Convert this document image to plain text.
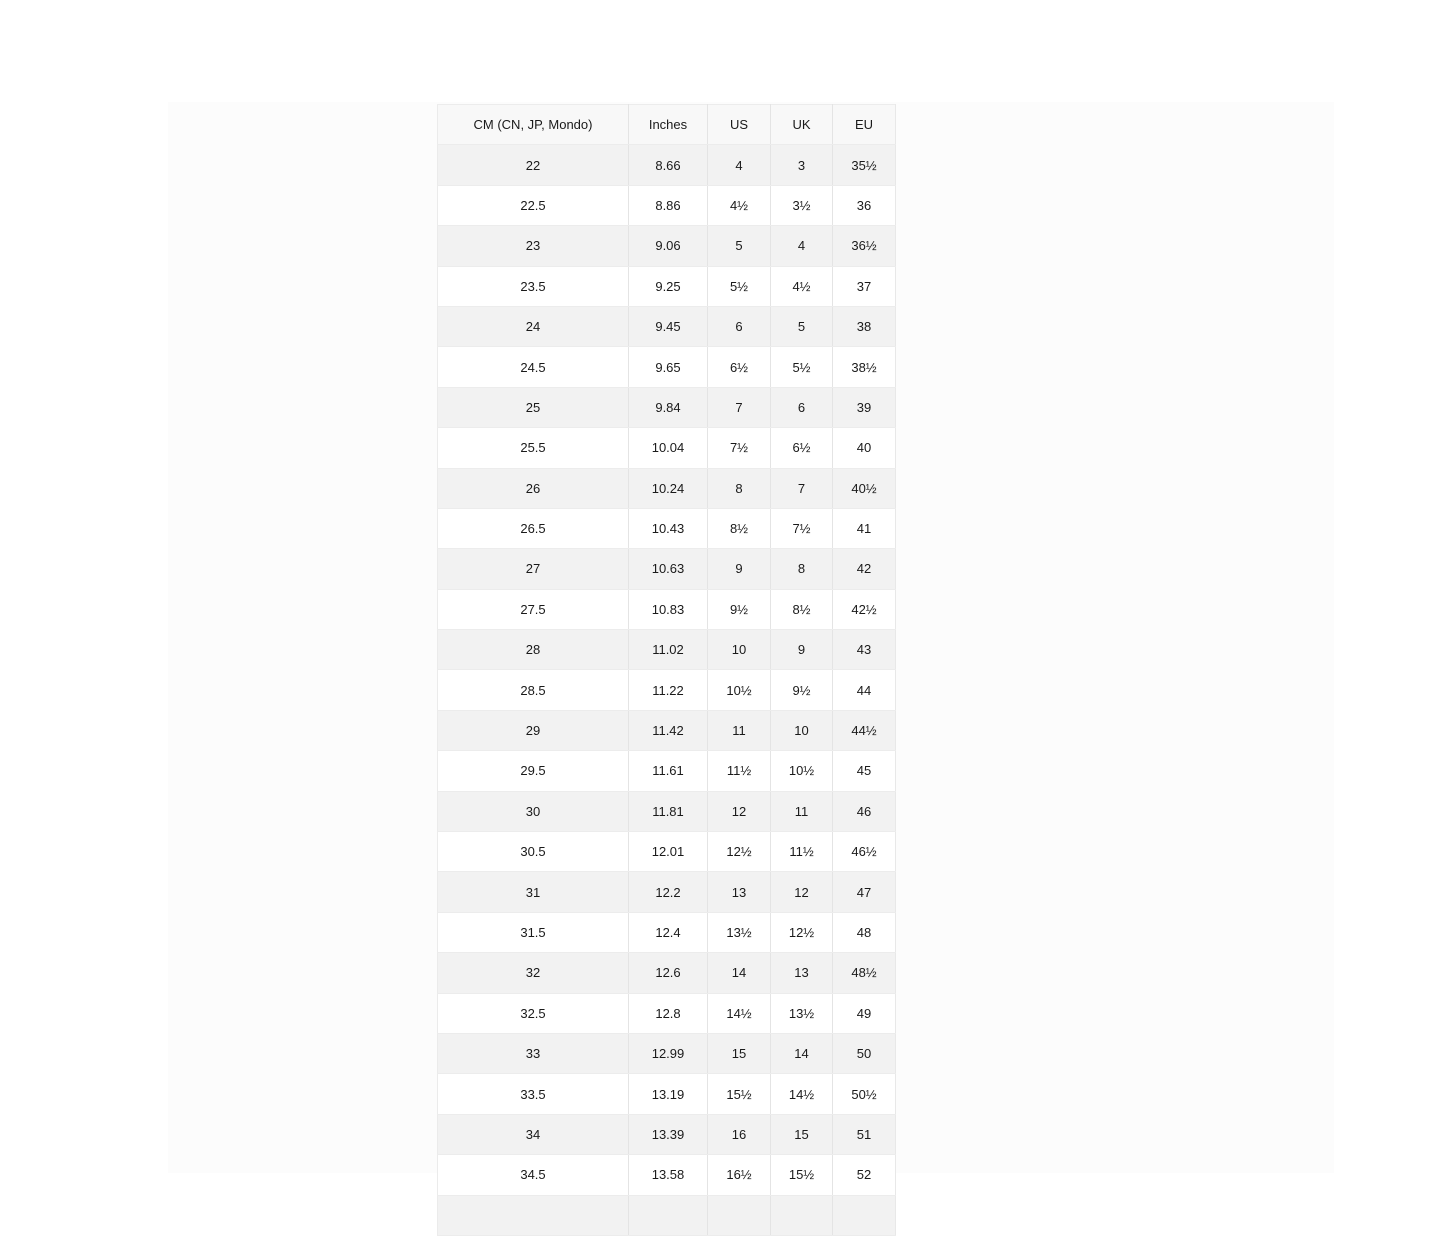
CM (CN, JP, Mondo)	Inches	US	UK	EU
22	8.66	4	3	35½
22.5	8.86	4½	3½	36
23	9.06	5	4	36½
23.5	9.25	5½	4½	37
24	9.45	6	5	38
24.5	9.65	6½	5½	38½
25	9.84	7	6	39
25.5	10.04	7½	6½	40
26	10.24	8	7	40½
26.5	10.43	8½	7½	41
27	10.63	9	8	42
27.5	10.83	9½	8½	42½
28	11.02	10	9	43
28.5	11.22	10½	9½	44
29	11.42	11	10	44½
29.5	11.61	11½	10½	45
30	11.81	12	11	46
30.5	12.01	12½	11½	46½
31	12.2	13	12	47
31.5	12.4	13½	12½	48
32	12.6	14	13	48½
32.5	12.8	14½	13½	49
33	12.99	15	14	50
33.5	13.19	15½	14½	50½
34	13.39	16	15	51
34.5	13.58	16½	15½	52
